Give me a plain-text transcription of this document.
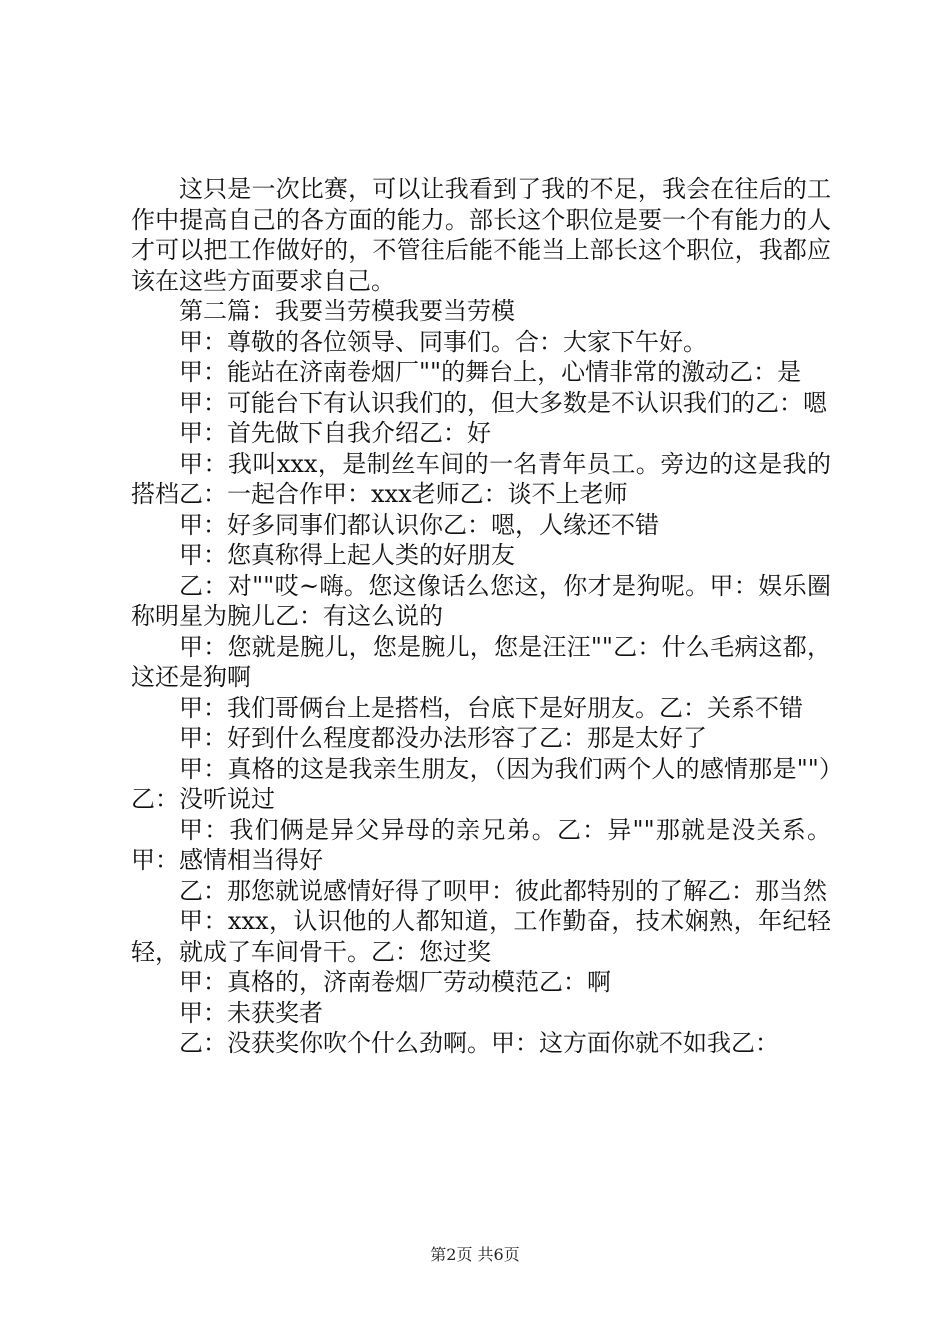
这只是一次比赛，可以让我看到了我的不足，我会在往后的工作中提高自己的各方面的能力。部长这个职位是要一个有能力的人才可以把工作做好的，不管往后能不能当上部长这个职位，我都应该在这些方面要求自己。

第二篇：我要当劳模我要当劳模

甲：尊敬的各位领导、同事们。合：大家下午好。

甲：能站在济南卷烟厂""的舞台上，心情非常的激动乙：是

甲：可能台下有认识我们的，但大多数是不认识我们的乙：嗯

甲：首先做下自我介绍乙：好

甲：我叫xxx，是制丝车间的一名青年员工。旁边的这是我的搭档乙：一起合作甲：xxx老师乙：谈不上老师

甲：好多同事们都认识你乙：嗯，人缘还不错

甲：您真称得上起人类的好朋友

乙：对""哎~嗨。您这像话么您这，你才是狗呢。甲：娱乐圈称明星为腕儿乙：有这么说的

甲：您就是腕儿，您是腕儿，您是汪汪""乙：什么毛病这都，这还是狗啊

甲：我们哥俩台上是搭档，台底下是好朋友。乙：关系不错

甲：好到什么程度都没办法形容了乙：那是太好了

甲：真格的这是我亲生朋友，（因为我们两个人的感情那是""）乙：没听说过

甲：我们俩是异父异母的亲兄弟。乙：异""那就是没关系。甲：感情相当得好

乙：那您就说感情好得了呗甲：彼此都特别的了解乙：那当然

甲：xxx，认识他的人都知道，工作勤奋，技术娴熟，年纪轻轻，就成了车间骨干。乙：您过奖

甲：真格的，济南卷烟厂劳动模范乙：啊

甲：未获奖者

乙：没获奖你吹个什么劲啊。甲：这方面你就不如我乙：

第2页 共6页
